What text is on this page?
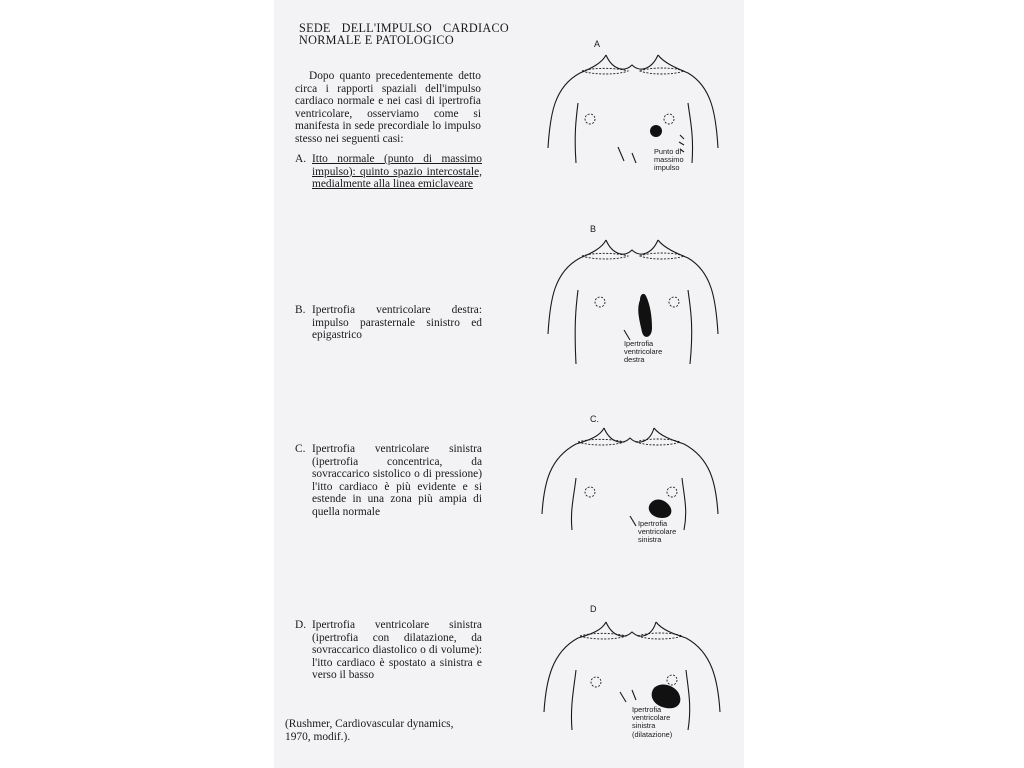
SEDE DELL'IMPULSO CARDIACO NORMALE E PATOLOGICO
Dopo quanto precedentemente detto circa i rapporti spaziali dell'impulso cardiaco normale e nei casi di ipertrofia ventricolare, osserviamo come si manifesta in sede precordiale lo impulso stesso nei seguenti casi:
A. Itto normale (punto di massimo impulso): quinto spazio intercostale, medialmente alla linea emiclaveare
B. Ipertrofia ventricolare destra: impulso parasternale sinistro ed epigastrico
C. Ipertrofia ventricolare sinistra (ipertrofia concentrica, da sovraccarico sistolico o di pressione) l'itto cardiaco è più evidente e si estende in una zona più ampia di quella normale
D. Ipertrofia ventricolare sinistra (ipertrofia con dilatazione, da sovraccarico diastolico o di volume): l'itto cardiaco è spostato a sinistra e verso il basso
(Rushmer, Cardiovascular dynamics, 1970, modif.).
A
Punto di
massimo
impulso
B
Ipertrofia
ventricolare
destra
C.
Ipertrofia
ventricolare
sinistra
D
Ipertrofia
ventricolare
sinistra
(dilatazione)
